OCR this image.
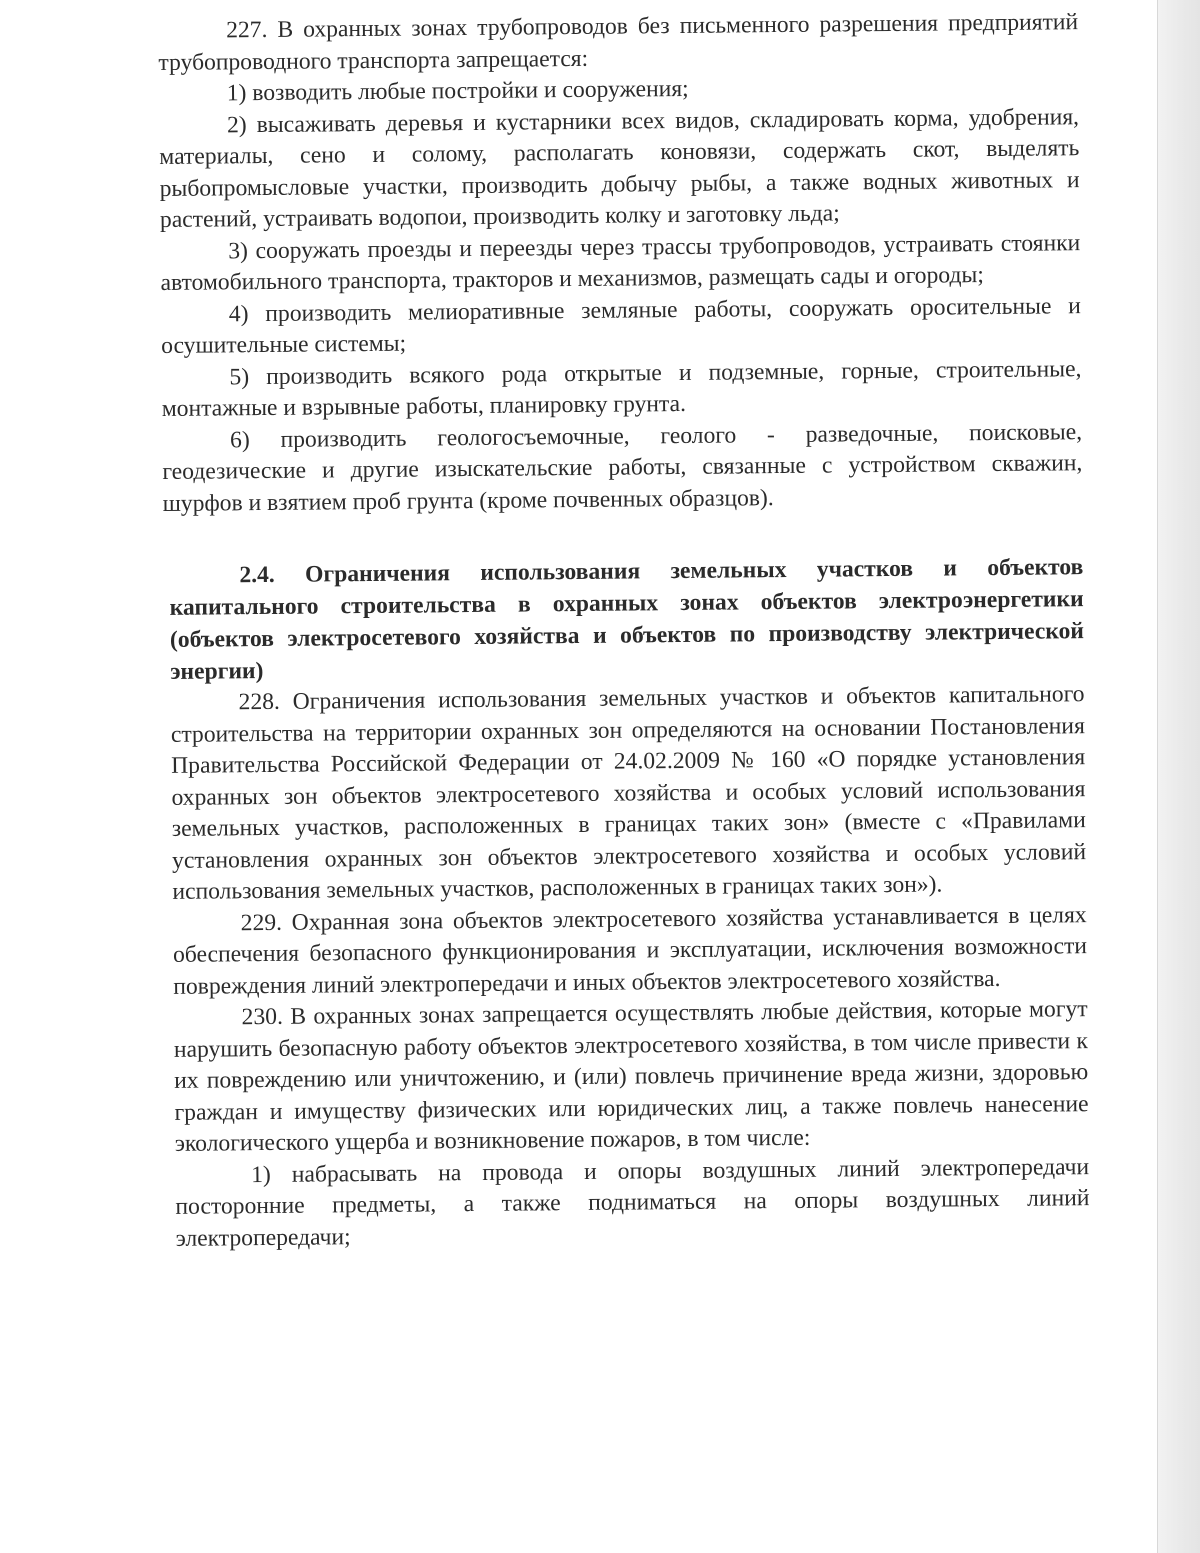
227. В охранных зонах трубопроводов без письменного разрешения предприятий трубопроводного транспорта запрещается:

1) возводить любые постройки и сооружения;

2) высаживать деревья и кустарники всех видов, складировать корма, удобрения, материалы, сено и солому, располагать коновязи, содержать скот, выделять рыбопромысловые участки, производить добычу рыбы, а также водных животных и растений, устраивать водопои, производить колку и заготовку льда;

3) сооружать проезды и переезды через трассы трубопроводов, устраивать стоянки автомобильного транспорта, тракторов и механизмов, размещать сады и огороды;

4) производить мелиоративные земляные работы, сооружать оросительные и осушительные системы;

5) производить всякого рода открытые и подземные, горные, строительные, монтажные и взрывные работы, планировку грунта.

6) производить геологосъемочные, геолого - разведочные, поисковые, геодезические и другие изыскательские работы, связанные с устройством скважин, шурфов и взятием проб грунта (кроме почвенных образцов).

2.4. Ограничения использования земельных участков и объектов капитального строительства в охранных зонах объектов электроэнергетики (объектов электросетевого хозяйства и объектов по производству электрической энергии)

228. Ограничения использования земельных участков и объектов капитального строительства на территории охранных зон определяются на основании Постановления Правительства Российской Федерации от 24.02.2009 № 160 «О порядке установления охранных зон объектов электросетевого хозяйства и особых условий использования земельных участков, расположенных в границах таких зон» (вместе с «Правилами установления охранных зон объектов электросетевого хозяйства и особых условий использования земельных участков, расположенных в границах таких зон»).

229. Охранная зона объектов электросетевого хозяйства устанавливается в целях обеспечения безопасного функционирования и эксплуатации, исключения возможности повреждения линий электропередачи и иных объектов электросетевого хозяйства.

230. В охранных зонах запрещается осуществлять любые действия, которые могут нарушить безопасную работу объектов электросетевого хозяйства, в том числе привести к их повреждению или уничтожению, и (или) повлечь причинение вреда жизни, здоровью граждан и имуществу физических или юридических лиц, а также повлечь нанесение экологического ущерба и возникновение пожаров, в том числе:

1) набрасывать на провода и опоры воздушных линий электропередачи посторонние предметы, а также подниматься на опоры воздушных линий электропередачи;
